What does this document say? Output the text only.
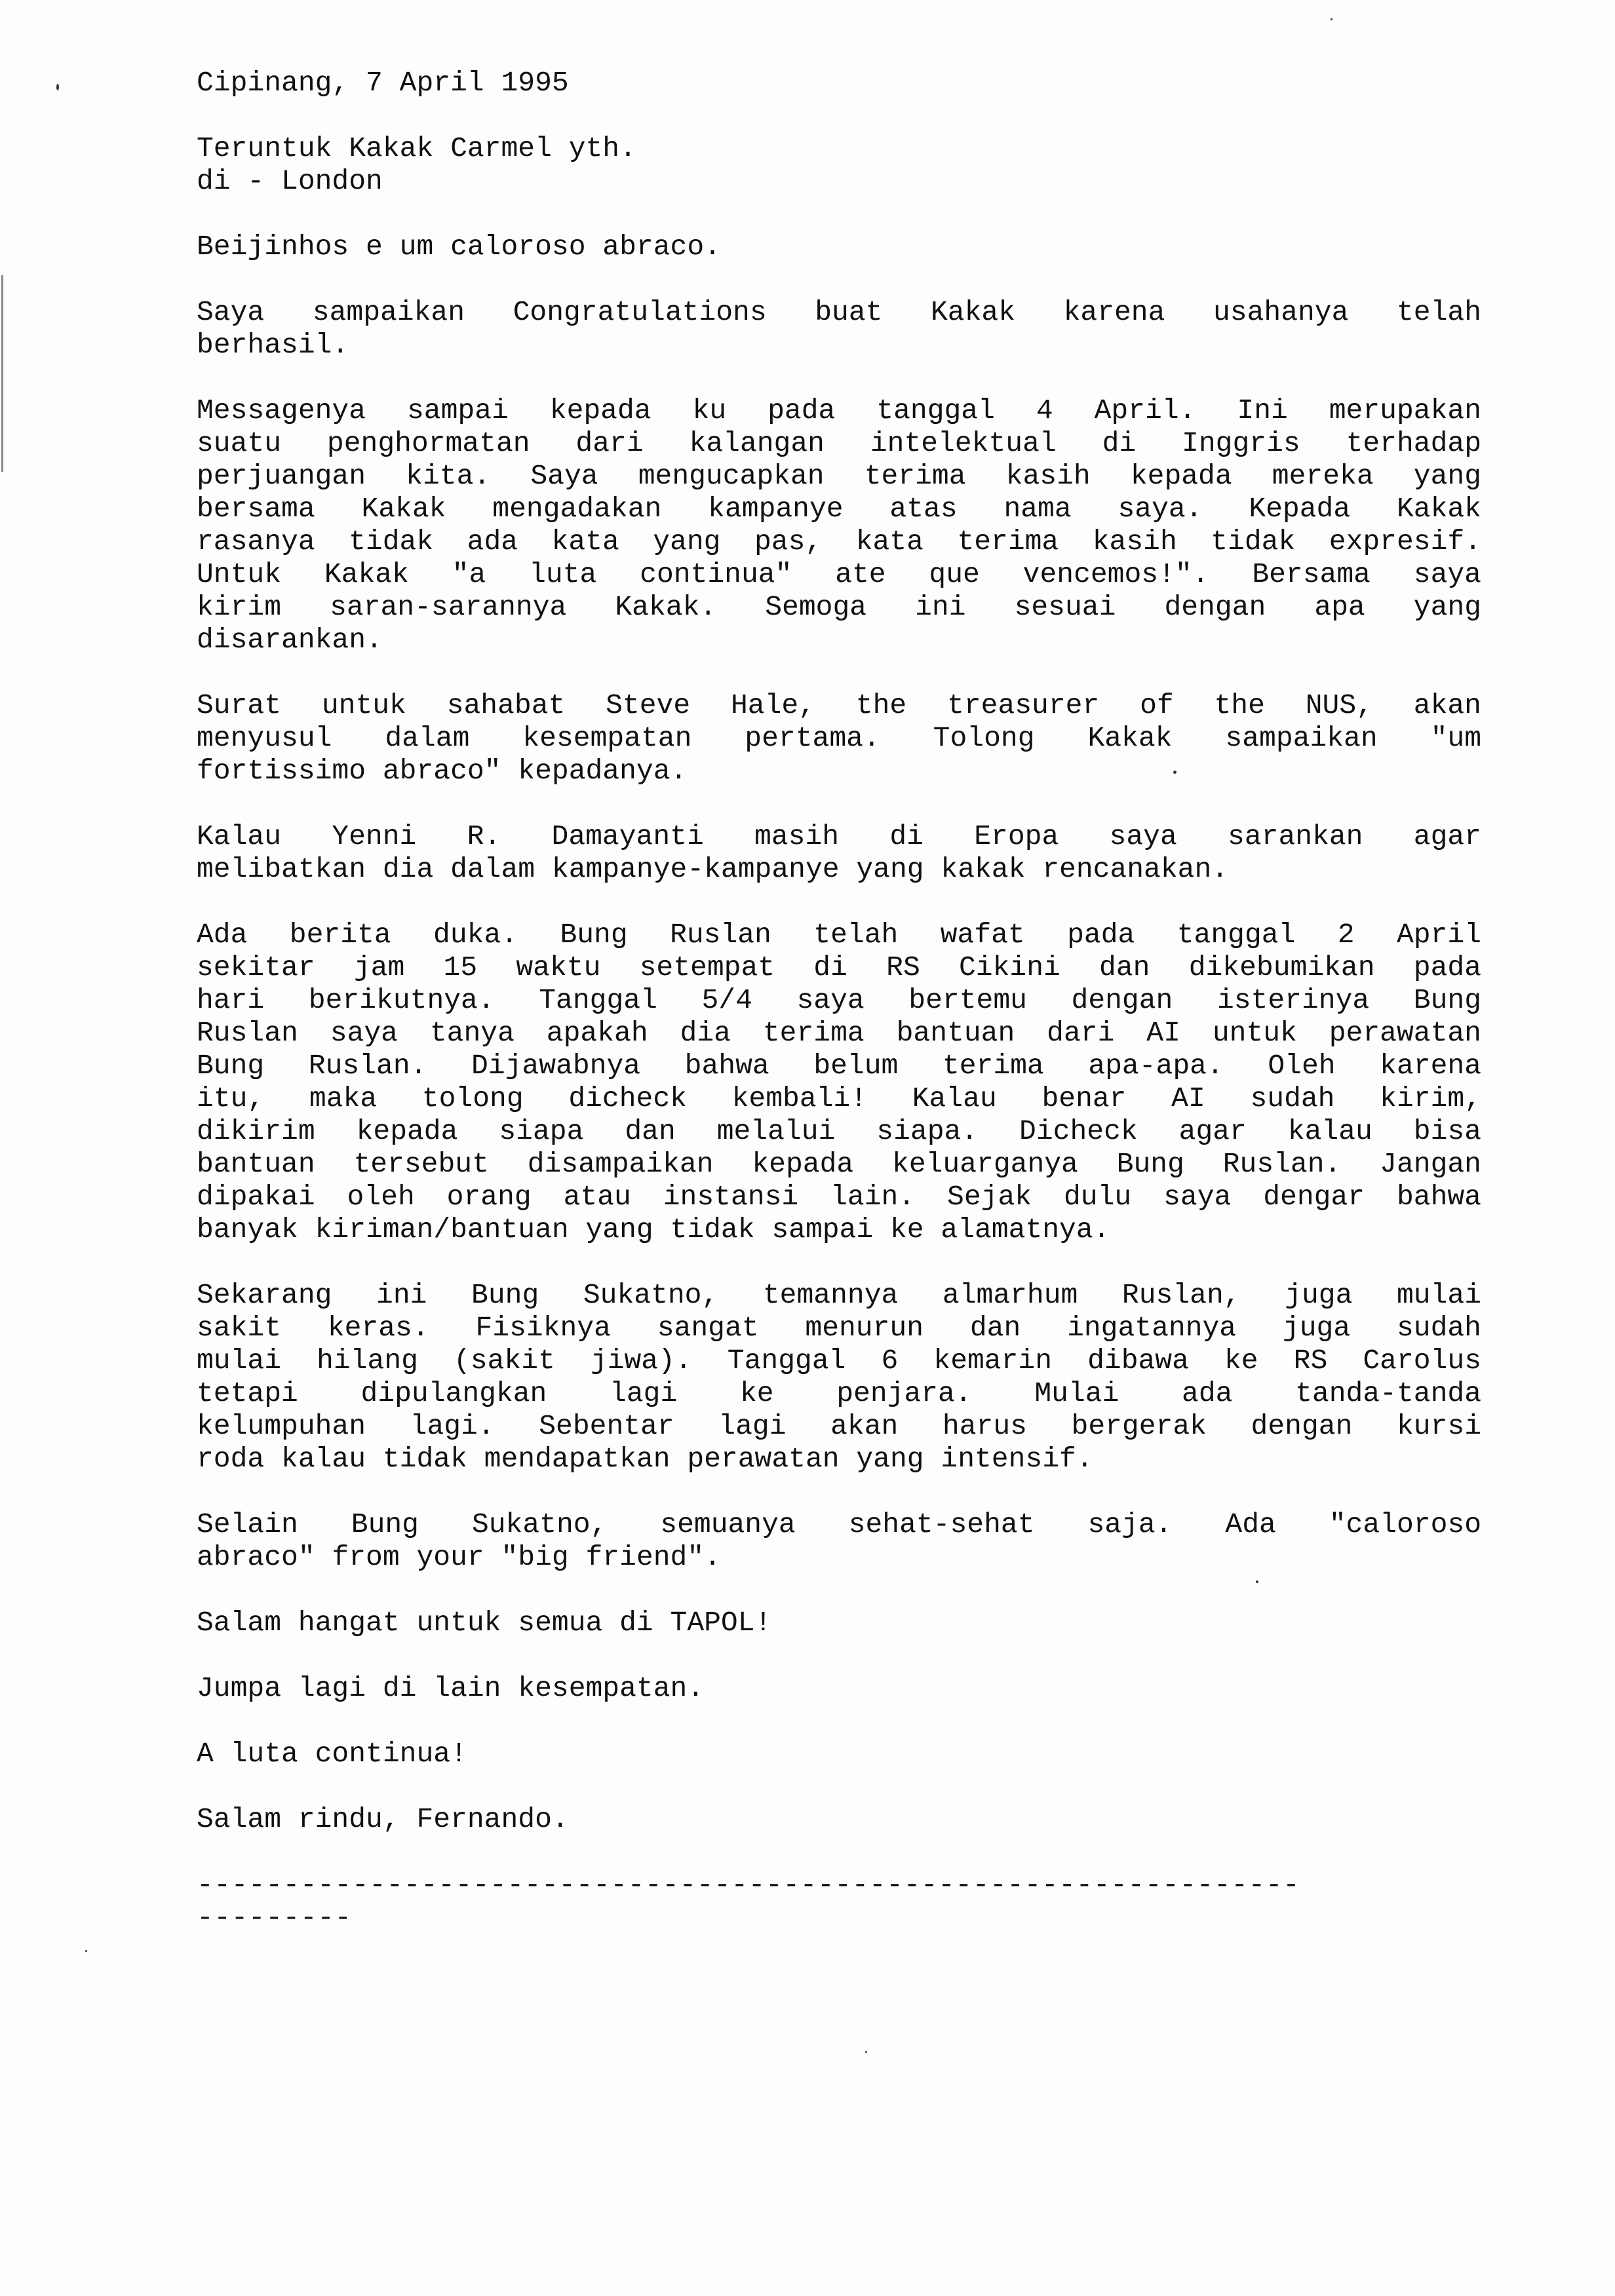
Cipinang, 7 April 1995
Teruntuk Kakak Carmel yth.
di - London
Beijinhos e um caloroso abraco.
Saya sampaikan Congratulations buat Kakak karena usahanya telah
berhasil.
Messagenya sampai kepada ku pada tanggal 4 April. Ini merupakan
suatu penghormatan dari kalangan intelektual di Inggris terhadap
perjuangan kita. Saya mengucapkan terima kasih kepada mereka yang
bersama Kakak mengadakan kampanye atas nama saya. Kepada Kakak
rasanya tidak ada kata yang pas, kata terima kasih tidak expresif.
Untuk Kakak "a luta continua" ate que vencemos!". Bersama saya
kirim saran-sarannya Kakak. Semoga ini sesuai dengan apa yang
disarankan.
Surat untuk sahabat Steve Hale, the treasurer of the NUS, akan
menyusul dalam kesempatan pertama. Tolong Kakak sampaikan "um
fortissimo abraco" kepadanya.
Kalau Yenni R. Damayanti masih di Eropa saya sarankan agar
melibatkan dia dalam kampanye-kampanye yang kakak rencanakan.
Ada berita duka. Bung Ruslan telah wafat pada tanggal 2 April
sekitar jam 15 waktu setempat di RS Cikini dan dikebumikan pada
hari berikutnya. Tanggal 5/4 saya bertemu dengan isterinya Bung
Ruslan saya tanya apakah dia terima bantuan dari AI untuk perawatan
Bung Ruslan. Dijawabnya bahwa belum terima apa-apa. Oleh karena
itu, maka tolong dicheck kembali! Kalau benar AI sudah kirim,
dikirim kepada siapa dan melalui siapa. Dicheck agar kalau bisa
bantuan tersebut disampaikan kepada keluarganya Bung Ruslan. Jangan
dipakai oleh orang atau instansi lain. Sejak dulu saya dengar bahwa
banyak kiriman/bantuan yang tidak sampai ke alamatnya.
Sekarang ini Bung Sukatno, temannya almarhum Ruslan, juga mulai
sakit keras. Fisiknya sangat menurun dan ingatannya juga sudah
mulai hilang (sakit jiwa). Tanggal 6 kemarin dibawa ke RS Carolus
tetapi dipulangkan lagi ke penjara. Mulai ada tanda-tanda
kelumpuhan lagi. Sebentar lagi akan harus bergerak dengan kursi
roda kalau tidak mendapatkan perawatan yang intensif.
Selain Bung Sukatno, semuanya sehat-sehat saja. Ada "caloroso
abraco" from your "big friend".
Salam hangat untuk semua di TAPOL!
Jumpa lagi di lain kesempatan.
A luta continua!
Salam rindu, Fernando.
----------------------------------------------------------------
---------
